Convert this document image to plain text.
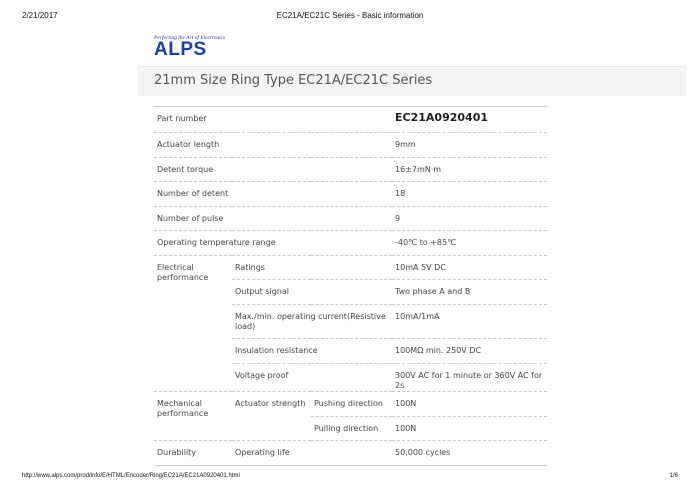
2/21/2017	EC21A/EC21C Series - Basic information
Perfecting the Art of Electronics
ALPS
21mm Size Ring Type EC21A/EC21C Series
Part number			EC21A0920401
Actuator length			9mm
Detent torque			16±7mN·m
Number of detent			18
Number of pulse			9
Operating temperature range			-40℃ to +85℃
Electrical performance	Ratings		10mA 5V DC
	Output signal		Two phase A and B
	Max./min. operating current(Resistive load)		10mA/1mA
	Insulation resistance		100MΩ min. 250V DC
	Voltage proof		300V AC for 1 minute or 360V AC for 2s
Mechanical performance	Actuator strength	Pushing direction	100N
		Pulling direction	100N
Durability	Operating life		50,000 cycles
http://www.alps.com/prod/info/E/HTML/Encoder/Ring/EC21A/EC21A0920401.html	1/6
